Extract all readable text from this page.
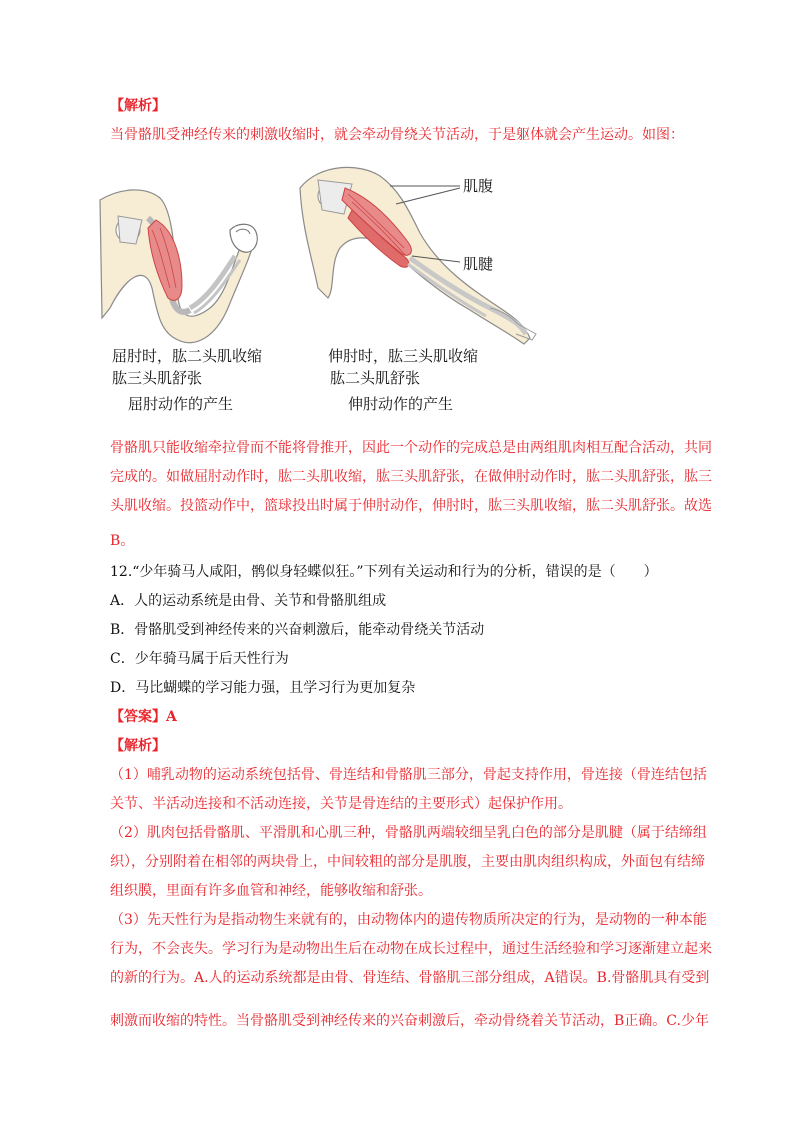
【解析】
当骨骼肌受神经传来的刺激收缩时，就会牵动骨绕关节活动，于是躯体就会产生运动。如图：
肌腹
肌腱
屈肘时，肱二头肌收缩
肱三头肌舒张
屈肘动作的产生
伸肘时，肱三头肌收缩
肱二头肌舒张
伸肘动作的产生
骨骼肌只能收缩牵拉骨而不能将骨推开，因此一个动作的完成总是由两组肌肉相互配合活动，共同
完成的。如做屈肘动作时，肱二头肌收缩，肱三头肌舒张，在做伸肘动作时，肱二头肌舒张，肱三
头肌收缩。投篮动作中，篮球投出时属于伸肘动作，伸肘时，肱三头肌收缩，肱二头肌舒张。故选
B。
12.“少年骑马人咸阳，鹘似身轻蝶似狂。”下列有关运动和行为的分析，错误的是（　　）
A．人的运动系统是由骨、关节和骨骼肌组成
B．骨骼肌受到神经传来的兴奋刺激后，能牵动骨绕关节活动
C．少年骑马属于后天性行为
D．马比蝴蝶的学习能力强，且学习行为更加复杂
【答案】A
【解析】
（1）哺乳动物的运动系统包括骨、骨连结和骨骼肌三部分，骨起支持作用，骨连接（骨连结包括
关节、半活动连接和不活动连接，关节是骨连结的主要形式）起保护作用。
（2）肌肉包括骨骼肌、平滑肌和心肌三种，骨骼肌两端较细呈乳白色的部分是肌腱（属于结缔组
织），分别附着在相邻的两块骨上，中间较粗的部分是肌腹，主要由肌肉组织构成，外面包有结缔
组织膜，里面有许多血管和神经，能够收缩和舒张。
（3）先天性行为是指动物生来就有的，由动物体内的遗传物质所决定的行为，是动物的一种本能
行为，不会丧失。学习行为是动物出生后在动物在成长过程中，通过生活经验和学习逐渐建立起来
的新的行为。A.人的运动系统都是由骨、骨连结、骨骼肌三部分组成，A错误。B.骨骼肌具有受到
刺激而收缩的特性。当骨骼肌受到神经传来的兴奋刺激后，牵动骨绕着关节活动，B正确。C.少年
